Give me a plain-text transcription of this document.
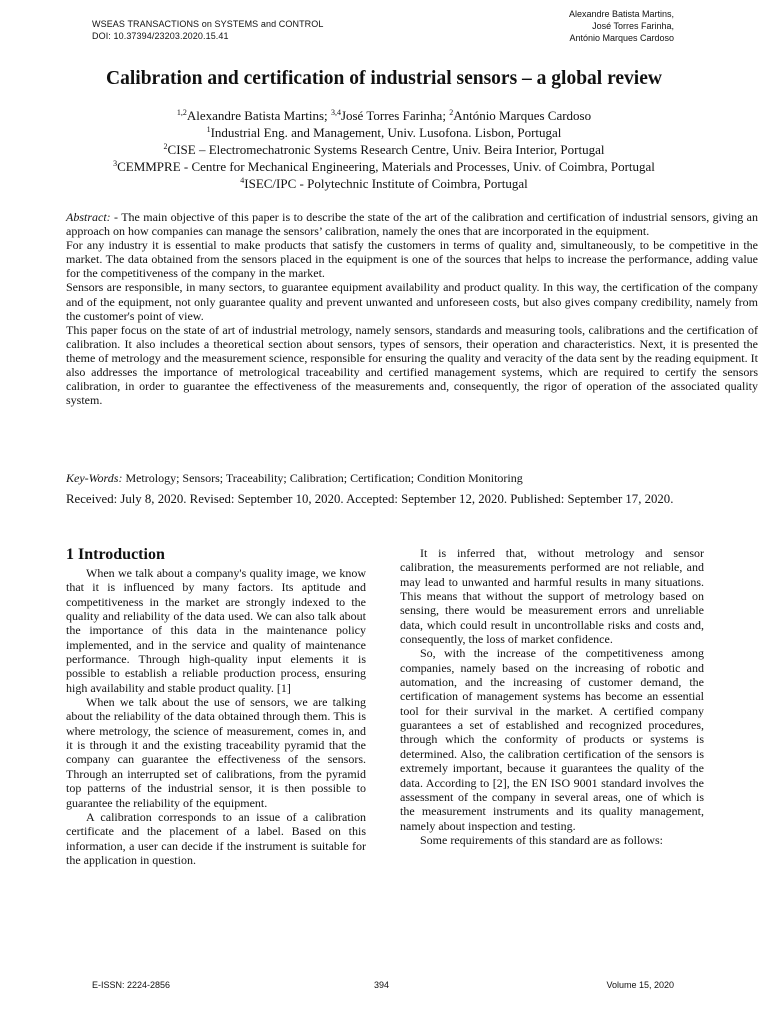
WSEAS TRANSACTIONS on SYSTEMS and CONTROL
DOI: 10.37394/23203.2020.15.41
Alexandre Batista Martins,
José Torres Farinha,
António Marques Cardoso
Calibration and certification of industrial sensors – a global review
$^{1,2}$Alexandre Batista Martins; $^{3,4}$José Torres Farinha; $^2$António Marques Cardoso
$^1$Industrial Eng. and Management, Univ. Lusofona. Lisbon, Portugal
$^2$CISE – Electromechatronic Systems Research Centre, Univ. Beira Interior, Portugal
$^3$CEMMPRE - Centre for Mechanical Engineering, Materials and Processes, Univ. of Coimbra, Portugal
$^4$ISEC/IPC - Polytechnic Institute of Coimbra, Portugal

Abstract: - The main objective of this paper is to describe the state of the art of the calibration and certification of industrial sensors, giving an approach on how companies can manage the sensors’ calibration, namely the ones that are incorporated in the equipment.

For any industry it is essential to make products that satisfy the customers in terms of quality and, simultaneously, to be competitive in the market. The data obtained from the sensors placed in the equipment is one of the sources that helps to increase the performance, adding value for the competitiveness of the company in the market.

Sensors are responsible, in many sectors, to guarantee equipment availability and product quality. In this way, the certification of the company and of the equipment, not only guarantee quality and prevent unwanted and unforeseen costs, but also gives company credibility, namely from the customer's point of view.

This paper focus on the state of art of industrial metrology, namely sensors, standards and measuring tools, calibrations and the certification of calibration. It also includes a theoretical section about sensors, types of sensors, their operation and characteristics. Next, it is presented the theme of metrology and the measurement science, responsible for ensuring the quality and veracity of the data sent by the reading equipment. It also addresses the importance of metrological traceability and certified management systems, which are required to certify the sensors calibration, in order to guarantee the effectiveness of the measurements and, consequently, the rigor of operation of the associated quality system.

Key-Words: Metrology; Sensors; Traceability; Calibration; Certification; Condition Monitoring
Received: July 8, 2020. Revised: September 10, 2020. Accepted: September 12, 2020. Published: September 17, 2020.
1 Introduction

When we talk about a company's quality image, we know that it is influenced by many factors. Its aptitude and competitiveness in the market are strongly indexed to the quality and reliability of the data used. We can also talk about the importance of this data in the maintenance policy implemented, and in the service and quality of maintenance performance. Through high-quality input elements it is possible to establish a reliable production process, ensuring high availability and stable product quality. [1]

When we talk about the use of sensors, we are talking about the reliability of the data obtained through them. This is where metrology, the science of measurement, comes in, and it is through it and the existing traceability pyramid that the company can guarantee the effectiveness of the sensors. Through an interrupted set of calibrations, from the pyramid top patterns of the industrial sensor, it is then possible to guarantee the reliability of the equipment.

A calibration corresponds to an issue of a calibration certificate and the placement of a label. Based on this information, a user can decide if the instrument is suitable for the application in question.

It is inferred that, without metrology and sensor calibration, the measurements performed are not reliable, and may lead to unwanted and harmful results in many situations. This means that without the support of metrology based on sensing, there would be measurement errors and unreliable data, which could result in uncontrollable risks and costs and, consequently, the loss of market confidence.

So, with the increase of the competitiveness among companies, namely based on the increasing of robotic and automation, and the increasing of customer demand, the certification of management systems has become an essential tool for their survival in the market. A certified company guarantees a set of established and recognized procedures, through which the conformity of products or systems is determined. Also, the calibration certification of the sensors is extremely important, because it guarantees the quality of the data. According to [2], the EN ISO 9001 standard involves the assessment of the company in several areas, one of which is the measurement instruments and its quality management, namely about inspection and testing.

Some requirements of this standard are as follows:

E-ISSN: 2224-2856	394	Volume 15, 2020
